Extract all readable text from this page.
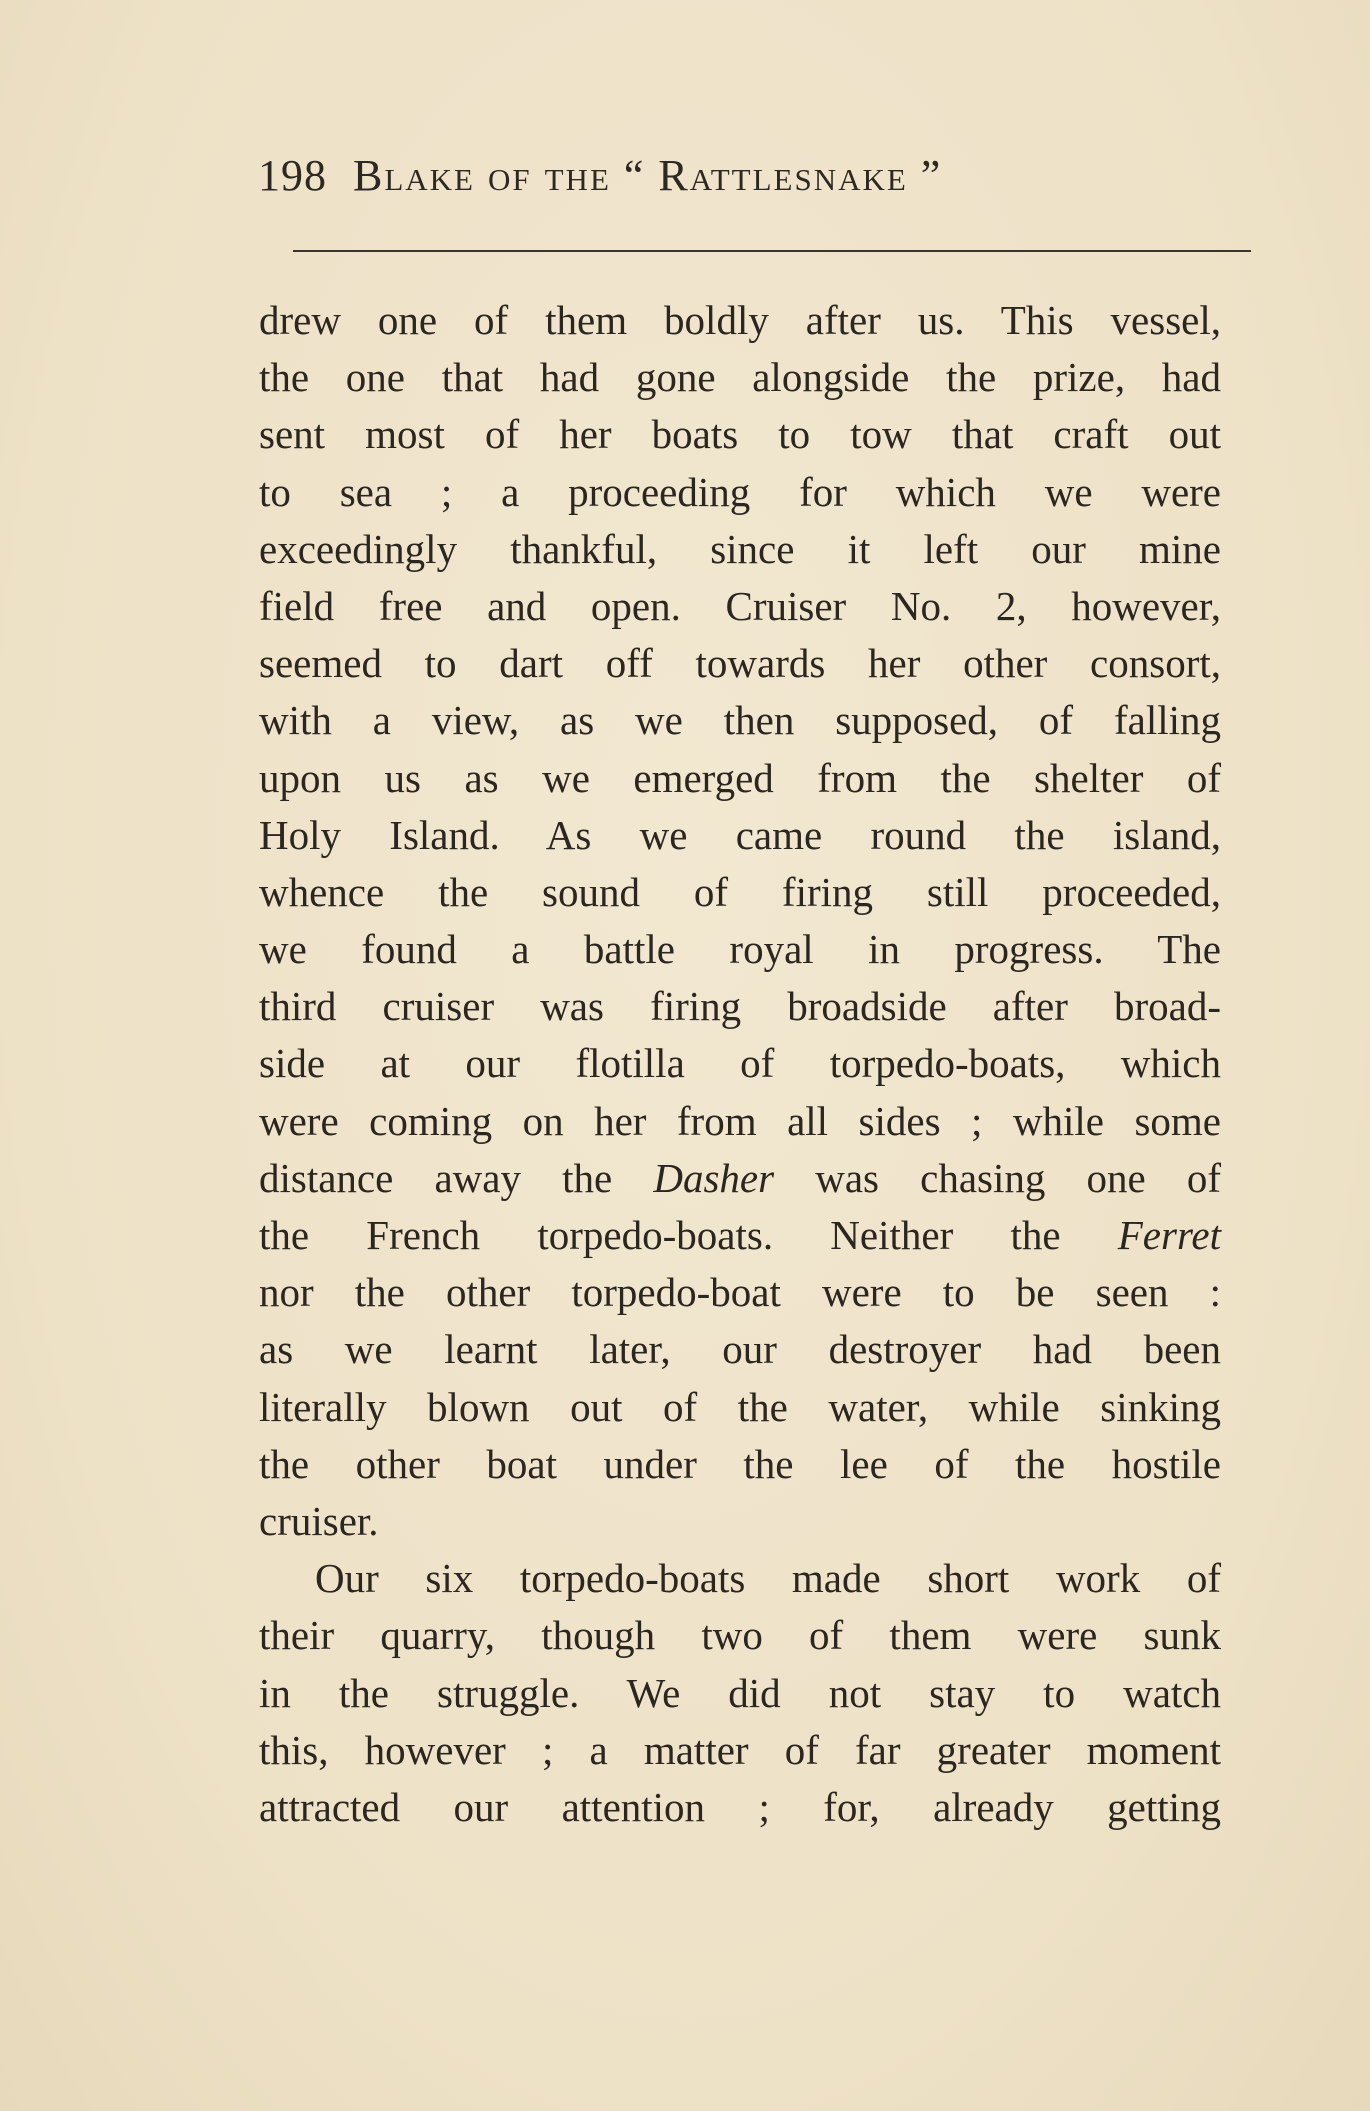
198 Blake of the “ Rattlesnake ”
drew one of them boldly after us. This vessel,
the one that had gone alongside the prize, had
sent most of her boats to tow that craft out
to sea ; a proceeding for which we were
exceedingly thankful, since it left our mine
field free and open. Cruiser No. 2, however,
seemed to dart off towards her other consort,
with a view, as we then supposed, of falling
upon us as we emerged from the shelter of
Holy Island. As we came round the island,
whence the sound of firing still proceeded,
we found a battle royal in progress. The
third cruiser was firing broadside after broad-
side at our flotilla of torpedo-boats, which
were coming on her from all sides ; while some
distance away the Dasher was chasing one of
the French torpedo-boats. Neither the Ferret
nor the other torpedo-boat were to be seen :
as we learnt later, our destroyer had been
literally blown out of the water, while sinking
the other boat under the lee of the hostile
cruiser.
Our six torpedo-boats made short work of
their quarry, though two of them were sunk
in the struggle. We did not stay to watch
this, however ; a matter of far greater moment
attracted our attention ; for, already getting
